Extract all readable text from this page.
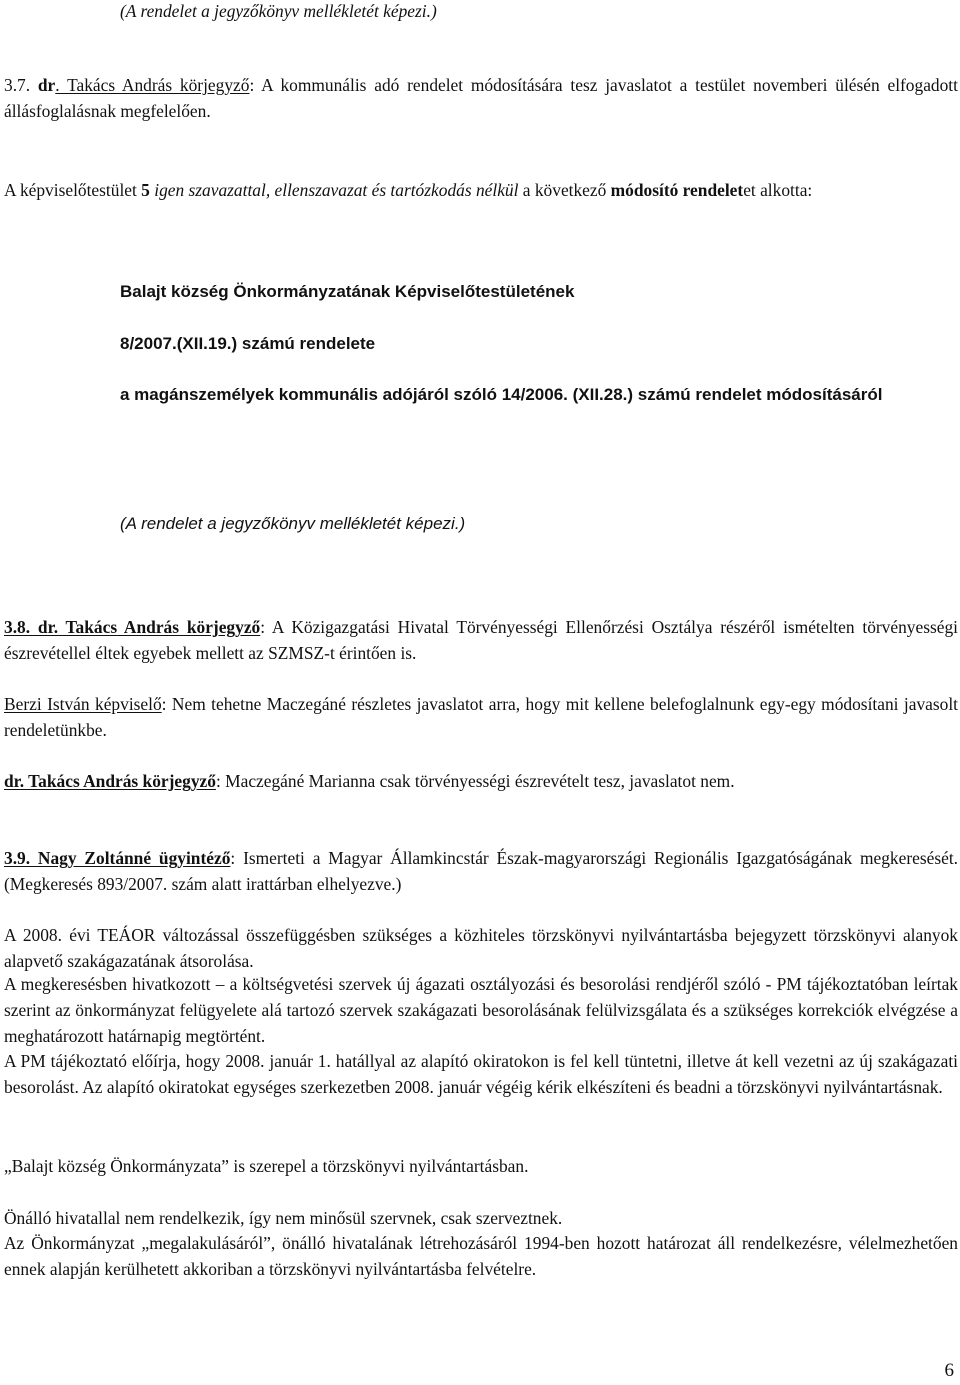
(A rendelet a jegyzőkönyv mellékletét képezi.)

3.7. dr. Takács András körjegyző: A kommunális adó rendelet módosítására tesz javaslatot a testület novemberi ülésén elfogadott állásfoglalásnak megfelelően.

A képviselőtestület 5 igen szavazattal, ellenszavazat és tartózkodás nélkül a következő módosító rendeletet alkotta:

Balajt község Önkormányzatának Képviselőtestületének

8/2007.(XII.19.) számú rendelete

a magánszemélyek kommunális adójáról szóló 14/2006. (XII.28.) számú rendelet módosításáról

(A rendelet a jegyzőkönyv mellékletét képezi.)

3.8. dr. Takács András körjegyző: A Közigazgatási Hivatal Törvényességi Ellenőrzési Osztálya részéről ismételten törvényességi észrevétellel éltek egyebek mellett az SZMSZ-t érintően is.

Berzi István képviselő: Nem tehetne Maczegáné részletes javaslatot arra, hogy mit kellene belefoglalnunk egy-egy módosítani javasolt rendeletünkbe.

dr. Takács András körjegyző: Maczegáné Marianna csak törvényességi észrevételt tesz, javaslatot nem.

3.9. Nagy Zoltánné ügyintéző: Ismerteti a Magyar Államkincstár Észak-magyarországi Regionális Igazgatóságának megkeresését. (Megkeresés 893/2007. szám alatt irattárban elhelyezve.)

A 2008. évi TEÁOR változással összefüggésben szükséges a közhiteles törzskönyvi nyilvántartásba bejegyzett törzskönyvi alanyok alapvető szakágazatának átsorolása.

A megkeresésben hivatkozott – a költségvetési szervek új ágazati osztályozási és besorolási rendjéről szóló - PM tájékoztatóban leírtak szerint az önkormányzat felügyelete alá tartozó szervek szakágazati besorolásának felülvizsgálata és a szükséges korrekciók elvégzése a meghatározott határnapig megtörtént.

A PM tájékoztató előírja, hogy 2008. január 1. hatállyal az alapító okiratokon is fel kell tüntetni, illetve át kell vezetni az új szakágazati besorolást. Az alapító okiratokat egységes szerkezetben 2008. január végéig kérik elkészíteni és beadni a törzskönyvi nyilvántartásnak.

„Balajt község Önkormányzata” is szerepel a törzskönyvi nyilvántartásban.

Önálló hivatallal nem rendelkezik, így nem minősül szervnek, csak szerveztnek.

Az Önkormányzat „megalakulásáról”, önálló hivatalának létrehozásáról 1994-ben hozott határozat áll rendelkezésre, vélelmezhetően ennek alapján kerülhetett akkoriban a törzskönyvi nyilvántartásba felvételre.

6
